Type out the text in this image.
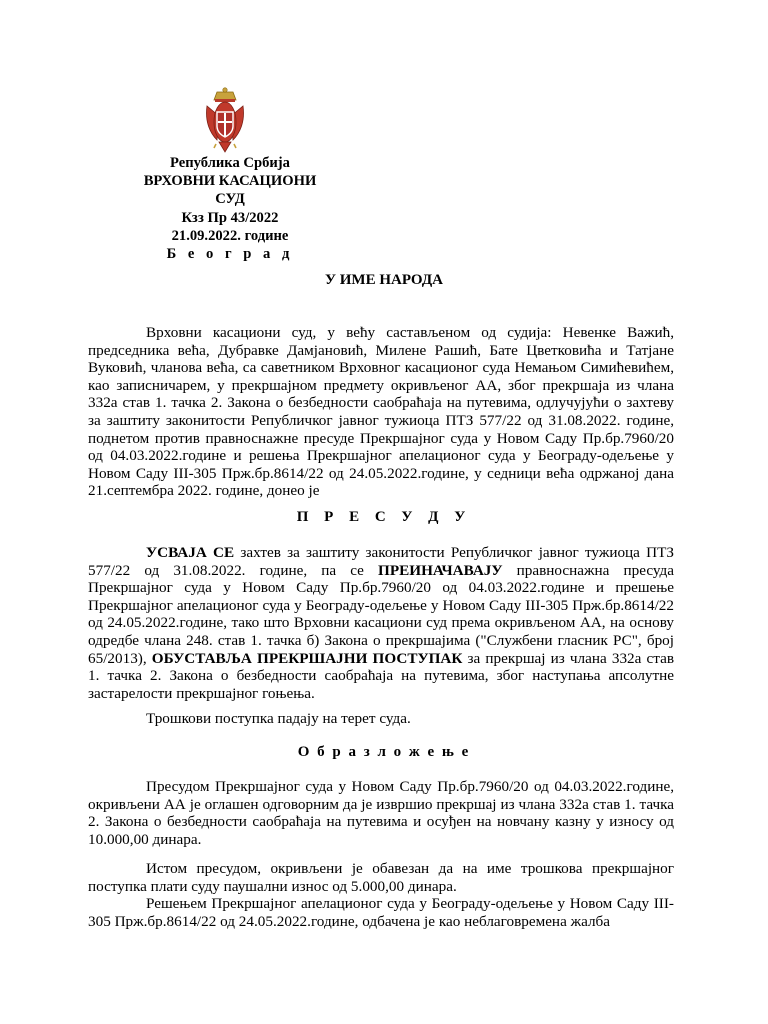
Република Србија
ВРХОВНИ КАСАЦИОНИ СУД
Кзз Пр 43/2022
21.09.2022. године
Б е о г р а д
У ИМЕ НАРОДА
Врховни касациони суд, у већу састављеном од судија: Невенке Важић, председника већа, Дубравке Дамјановић, Милене Рашић, Бате Цветковића и Татјане Вуковић, чланова већа, са саветником Врховног касационог суда Немањом Симићевићем, као записничарем, у прекршајном предмету окривљеног АА, због прекршаја из члана 332а став 1. тачка 2. Закона о безбедности саобраћаја на путевима, одлучујући о захтеву за заштиту законитости Републичког јавног тужиоца ПТЗ 577/22 од 31.08.2022. године, поднетом против правноснажне пресуде Прекршајног суда у Новом Саду Пр.бр.7960/20 од 04.03.2022.године и решења Прекршајног апелационог суда у Београду-одељење у Новом Саду III-305 Прж.бр.8614/22 од 24.05.2022.године, у седници већа одржаној дана 21.септембра 2022. године, донео је
П Р Е С У Д У
УСВАЈА СЕ захтев за заштиту законитости Републичког јавног тужиоца ПТЗ 577/22 од 31.08.2022. године, па се ПРЕИНАЧАВАЈУ правноснажна пресуда Прекршајног суда у Новом Саду Пр.бр.7960/20 од 04.03.2022.године и прешење Прекршајног апелационог суда у Београду-одељење у Новом Саду III-305 Прж.бр.8614/22 од 24.05.2022.године, тако што Врховни касациони суд према окривљеном АА, на основу одредбе члана 248. став 1. тачка б) Закона о прекршајима ("Службени гласник РС", број 65/2013), ОБУСТАВЉА ПРЕКРШАЈНИ ПОСТУПАК за прекршај из члана 332а став 1. тачка 2. Закона о безбедности саобраћаја на путевима, због наступања апсолутне застарелости прекршајног гоњења.
Трошкови поступка падају на терет суда.
О б р а з л о ж е њ е
Пресудом Прекршајног суда у Новом Саду Пр.бр.7960/20 од 04.03.2022.године, окривљени АА је оглашен одговорним да је извршио прекршај из члана 332а став 1. тачка 2. Закона о безбедности саобраћаја на путевима и осуђен на новчану казну у износу од 10.000,00 динара.
Истом пресудом, окривљени је обавезан да на име трошкова прекршајног поступка плати суду паушални износ од 5.000,00 динара.
Решењем Прекршајног апелационог суда у Београду-одељење у Новом Саду III-305 Прж.бр.8614/22 од 24.05.2022.године, одбачена је као неблаговремена жалба
